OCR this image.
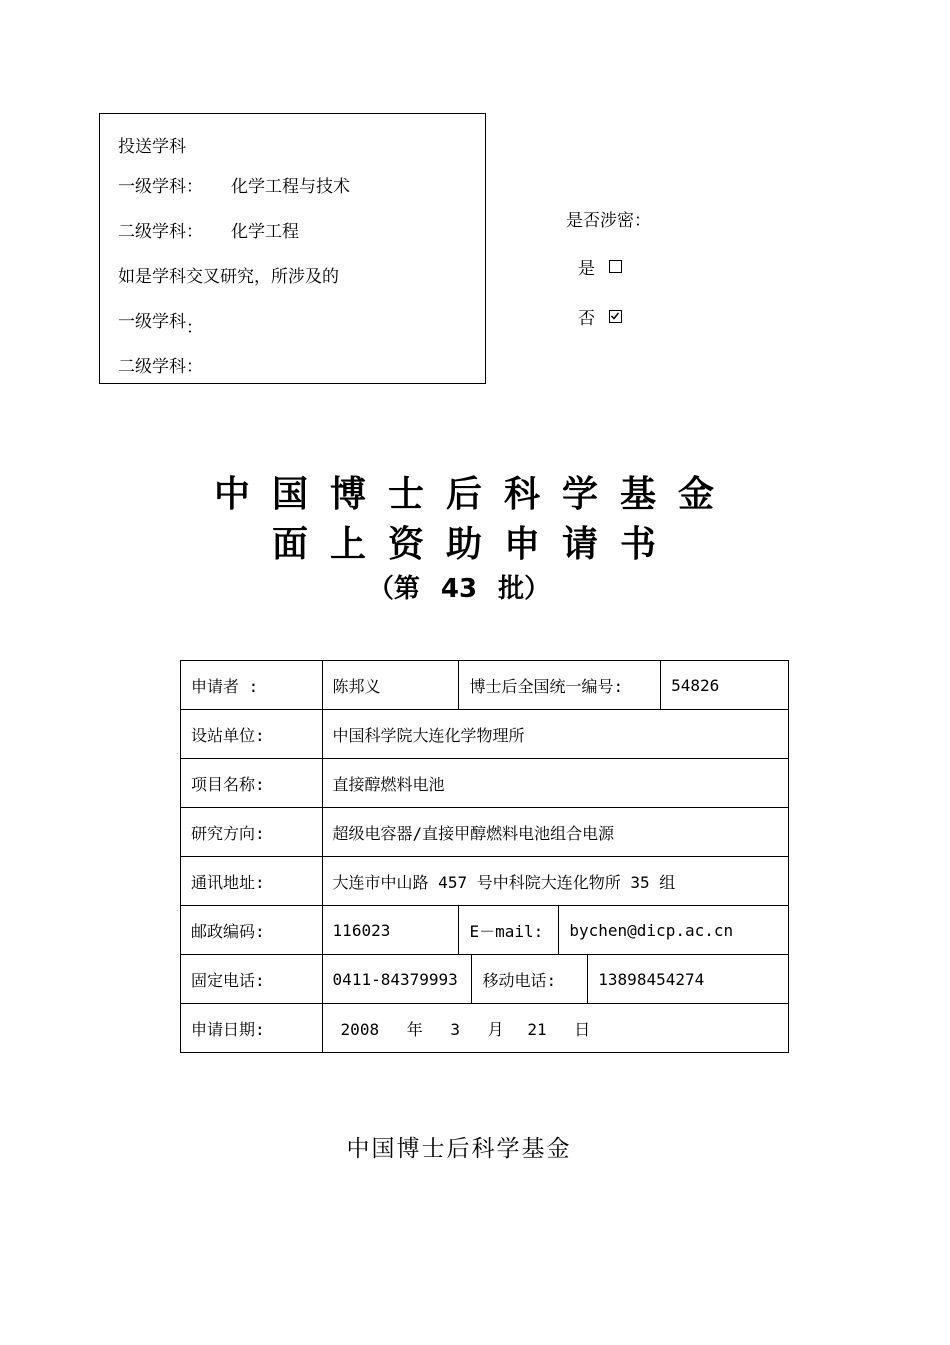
投送学科
一级学科： 化学工程与技术
二级学科： 化学工程
如是学科交叉研究，所涉及的
一级学科：
二级学科：
是否涉密：
是
否
中国博士后科学基金
面上资助申请书
（第 43 批）
申请者 :	陈邦义	博士后全国统一编号:				54826
设站单位:	中国科学院大连化学物理所					
项目名称:	直接醇燃料电池					
研究方向:	超级电容器/直接甲醇燃料电池组合电源					
通讯地址:	大连市中山路 457 号中科院大连化物所 35 组					
邮政编码:	116023	E－mail:		bychen@dicp.ac.cn		
固定电话:	0411-84379993		移动电话:		13898454274	
申请日期:	2008 年 3 月 21 日					
中国博士后科学基金
